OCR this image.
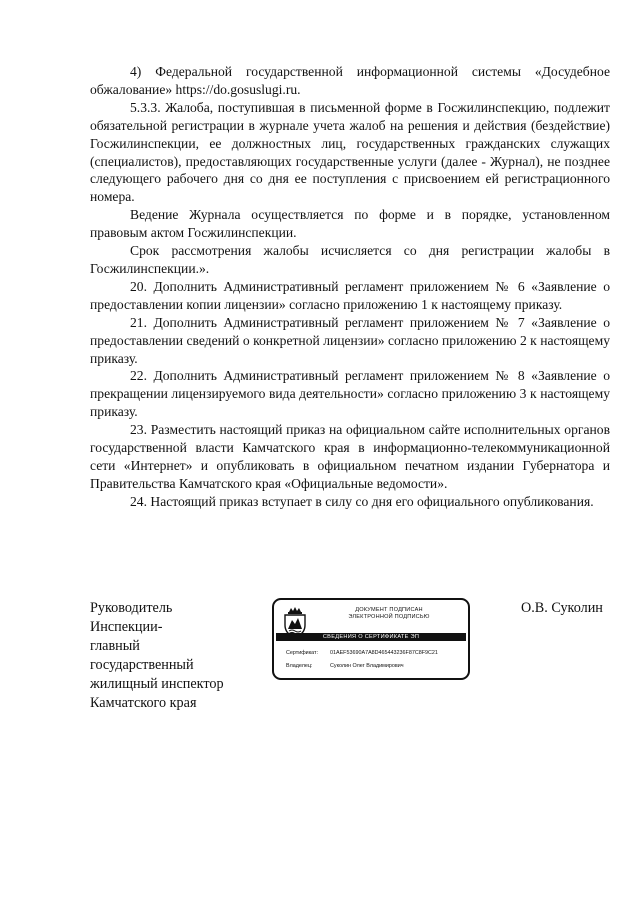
4) Федеральной государственной информационной системы «Досудебное обжалование» https://do.gosuslugi.ru.

5.3.3. Жалоба, поступившая в письменной форме в Госжилинспекцию, подлежит обязательной регистрации в журнале учета жалоб на решения и действия (бездействие) Госжилинспекции, ее должностных лиц, государственных гражданских служащих (специалистов), предоставляющих государственные услуги (далее - Журнал), не позднее следующего рабочего дня со дня ее поступления с присвоением ей регистрационного номера.

Ведение Журнала осуществляется по форме и в порядке, установленном правовым актом Госжилинспекции.

Срок рассмотрения жалобы исчисляется со дня регистрации жалобы в Госжилинспекции.».

20. Дополнить Административный регламент приложением № 6 «Заявление о предоставлении копии лицензии» согласно приложению 1 к настоящему приказу.

21. Дополнить Административный регламент приложением № 7 «Заявление о предоставлении сведений о конкретной лицензии» согласно приложению 2 к настоящему приказу.

22. Дополнить Административный регламент приложением № 8 «Заявление о прекращении лицензируемого вида деятельности» согласно приложению 3 к настоящему приказу.

23. Разместить настоящий приказ на официальном сайте исполнительных органов государственной власти Камчатского края в информационно-телекоммуникационной сети «Интернет» и опубликовать в официальном печатном издании Губернатора и Правительства Камчатского края «Официальные ведомости».

24. Настоящий приказ вступает в силу со дня его официального опубликования.

Руководитель
Инспекции-
главный
государственный
жилищный инспектор
Камчатского края
ДОКУМЕНТ ПОДПИСАН
ЭЛЕКТРОННОЙ ПОДПИСЬЮ
СВЕДЕНИЯ О СЕРТИФИКАТЕ ЭП
Сертификат: 01AEF53690A7A8D465443236F87C8F9C21
Владелец:	Суколин Олег Владимирович
О.В. Суколин
